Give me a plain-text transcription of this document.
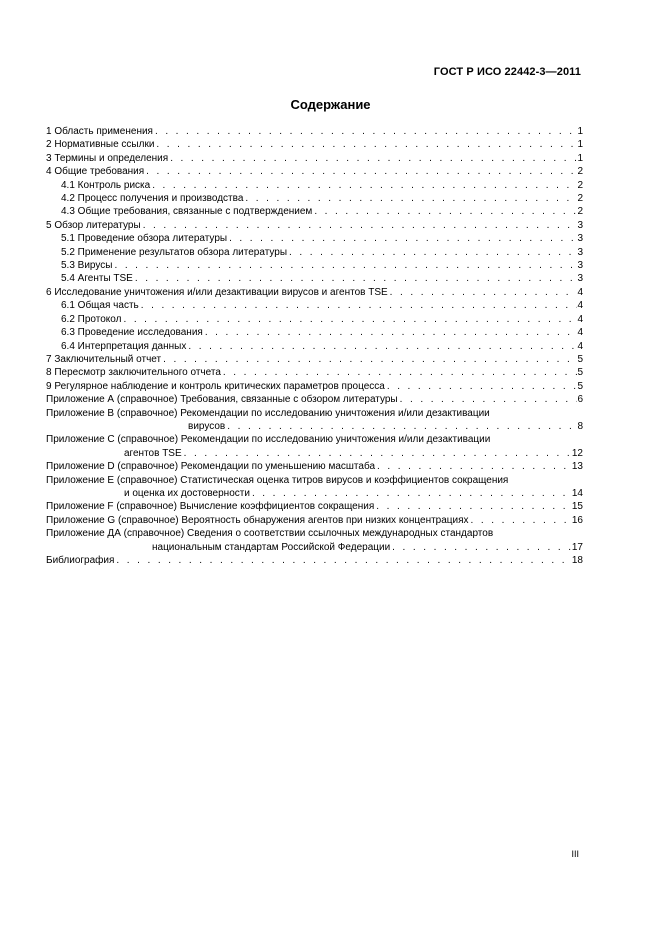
ГОСТ Р ИСО 22442-3—2011
Содержание
1 Область применения . . .	1
2 Нормативные ссылки . . .	1
3 Термины и определения . . .	1
4 Общие требования . . .	2
4.1 Контроль риска . . .	2
4.2 Процесс получения и производства . . .	2
4.3 Общие требования, связанные с подтверждением . . .	2
5 Обзор литературы . . .	3
5.1 Проведение обзора литературы . . .	3
5.2 Применение результатов обзора литературы . . .	3
5.3 Вирусы . . .	3
5.4 Агенты TSE . . .	3
6 Исследование уничтожения и/или дезактивации вирусов и агентов TSE . . .	4
6.1 Общая часть . . .	4
6.2 Протокол . . .	4
6.3 Проведение исследования . . .	4
6.4 Интерпретация данных . . .	4
7 Заключительный отчет . . .	5
8 Пересмотр заключительного отчета . . .	5
9 Регулярное наблюдение и контроль критических параметров процесса . . .	5
Приложение А (справочное) Требования, связанные с обзором литературы . . .	6
Приложение В (справочное) Рекомендации по исследованию уничтожения и/или дезактивации
вирусов . . .	8
Приложение С (справочное) Рекомендации по исследованию уничтожения и/или дезактивации
агентов TSE . . .	12
Приложение D (справочное) Рекомендации по уменьшению масштаба . . .	13
Приложение Е (справочное) Статистическая оценка титров вирусов и коэффициентов сокращения
и оценка их достоверности . . .	14
Приложение F (справочное) Вычисление коэффициентов сокращения . . .	15
Приложение G (справочное) Вероятность обнаружения агентов при низких концентрациях . . .	16
Приложение ДА (справочное) Сведения о соответствии ссылочных международных стандартов
национальным стандартам Российской Федерации . . .	17
Библиография . . .	18
III
